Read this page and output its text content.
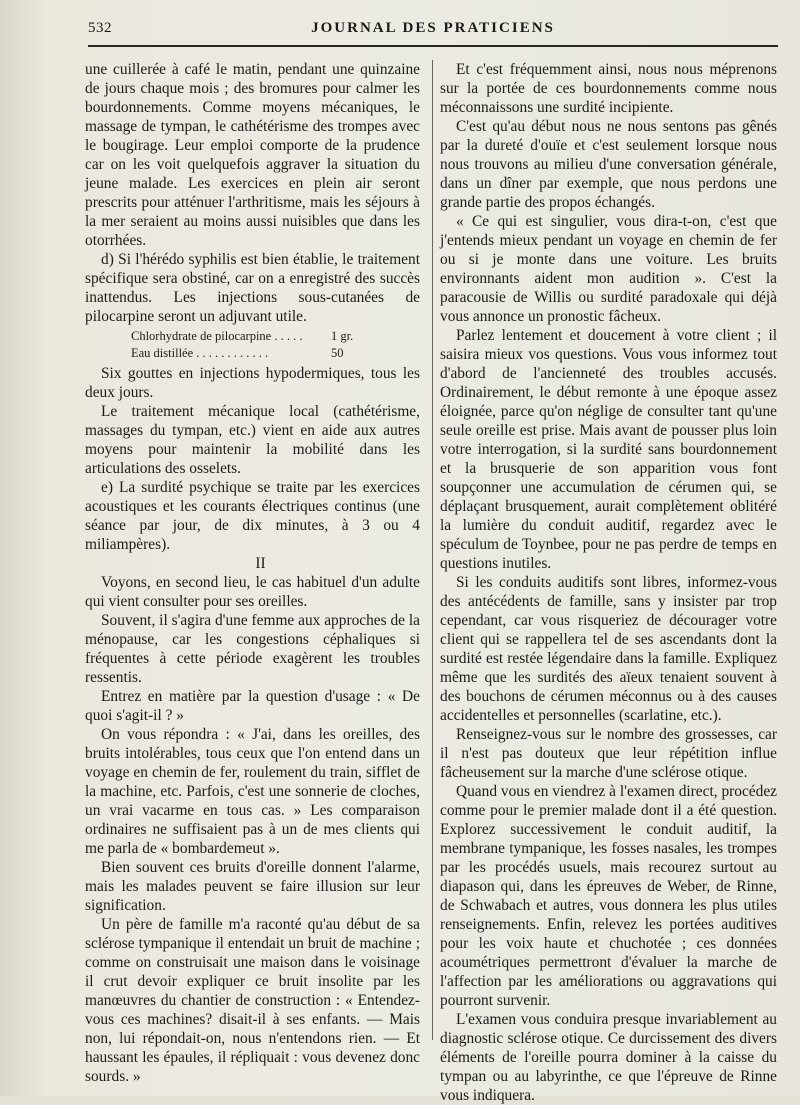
532	JOURNAL DES PRATICIENS

une cuillerée à café le matin, pendant une quinzaine de jours chaque mois ; des bromures pour calmer les bourdonnements. Comme moyens mécaniques, le massage de tympan, le cathétérisme des trompes avec le bougirage. Leur emploi comporte de la prudence car on les voit quelquefois aggraver la situation du jeune malade. Les exercices en plein air seront prescrits pour atténuer l'arthritisme, mais les séjours à la mer seraient au moins aussi nuisibles que dans les otorrhées.

d) Si l'hérédo syphilis est bien établie, le traitement spécifique sera obstiné, car on a enregistré des succès inattendus. Les injections sous-cutanées de pilocarpine seront un adjuvant utile.

Chlorhydrate de pilocarpine . . . . .	1 gr.
Eau distillée . . . . . . . . . . . .	50

Six gouttes en injections hypodermiques, tous les deux jours.

Le traitement mécanique local (cathétérisme, massages du tympan, etc.) vient en aide aux autres moyens pour maintenir la mobilité dans les articulations des osselets.

e) La surdité psychique se traite par les exercices acoustiques et les courants électriques continus (une séance par jour, de dix minutes, à 3 ou 4 miliampères).

II

Voyons, en second lieu, le cas habituel d'un adulte qui vient consulter pour ses oreilles.

Souvent, il s'agira d'une femme aux approches de la ménopause, car les congestions céphaliques si fréquentes à cette période exagèrent les troubles ressentis.

Entrez en matière par la question d'usage : « De quoi s'agit-il ? »

On vous répondra : « J'ai, dans les oreilles, des bruits intolérables, tous ceux que l'on entend dans un voyage en chemin de fer, roulement du train, sifflet de la machine, etc. Parfois, c'est une sonnerie de cloches, un vrai vacarme en tous cas. » Les comparaison ordinaires ne suffisaient pas à un de mes clients qui me parla de « bombardemeut ».

Bien souvent ces bruits d'oreille donnent l'alarme, mais les malades peuvent se faire illusion sur leur signification.

Un père de famille m'a raconté qu'au début de sa sclérose tympanique il entendait un bruit de machine ; comme on construisait une maison dans le voisinage il crut devoir expliquer ce bruit insolite par les manœuvres du chantier de construction : « Entendez-vous ces machines? disait-il à ses enfants. — Mais non, lui répondait-on, nous n'entendons rien. — Et haussant les épaules, il répliquait : vous devenez donc sourds. »

Et c'est fréquemment ainsi, nous nous méprenons sur la portée de ces bourdonnements comme nous méconnaissons une surdité incipiente.

C'est qu'au début nous ne nous sentons pas gênés par la dureté d'ouïe et c'est seulement lorsque nous nous trouvons au milieu d'une conversation générale, dans un dîner par exemple, que nous perdons une grande partie des propos échangés.

« Ce qui est singulier, vous dira-t-on, c'est que j'entends mieux pendant un voyage en chemin de fer ou si je monte dans une voiture. Les bruits environnants aident mon audition ». C'est la paracousie de Willis ou surdité paradoxale qui déjà vous annonce un pronostic fâcheux.

Parlez lentement et doucement à votre client ; il saisira mieux vos questions. Vous vous informez tout d'abord de l'ancienneté des troubles accusés. Ordinairement, le début remonte à une époque assez éloignée, parce qu'on néglige de consulter tant qu'une seule oreille est prise. Mais avant de pousser plus loin votre interrogation, si la surdité sans bourdonnement et la brusquerie de son apparition vous font soupçonner une accumulation de cérumen qui, se déplaçant brusquement, aurait complètement oblitéré la lumière du conduit auditif, regardez avec le spéculum de Toynbee, pour ne pas perdre de temps en questions inutiles.

Si les conduits auditifs sont libres, informez-vous des antécédents de famille, sans y insister par trop cependant, car vous risqueriez de décourager votre client qui se rappellera tel de ses ascendants dont la surdité est restée légendaire dans la famille. Expliquez même que les surdités des aïeux tenaient souvent à des bouchons de cérumen méconnus ou à des causes accidentelles et personnelles (scarlatine, etc.).

Renseignez-vous sur le nombre des grossesses, car il n'est pas douteux que leur répétition influe fâcheusement sur la marche d'une sclérose otique.

Quand vous en viendrez à l'examen direct, procédez comme pour le premier malade dont il a été question. Explorez successivement le conduit auditif, la membrane tympanique, les fosses nasales, les trompes par les procédés usuels, mais recourez surtout au diapason qui, dans les épreuves de Weber, de Rinne, de Schwabach et autres, vous donnera les plus utiles renseignements. Enfin, relevez les portées auditives pour les voix haute et chuchotée ; ces données acoumétriques permettront d'évaluer la marche de l'affection par les améliorations ou aggravations qui pourront survenir.

L'examen vous conduira presque invariablement au diagnostic sclérose otique. Ce durcissement des divers éléments de l'oreille pourra dominer à la caisse du tympan ou au labyrinthe, ce que l'épreuve de Rinne vous indiquera.
